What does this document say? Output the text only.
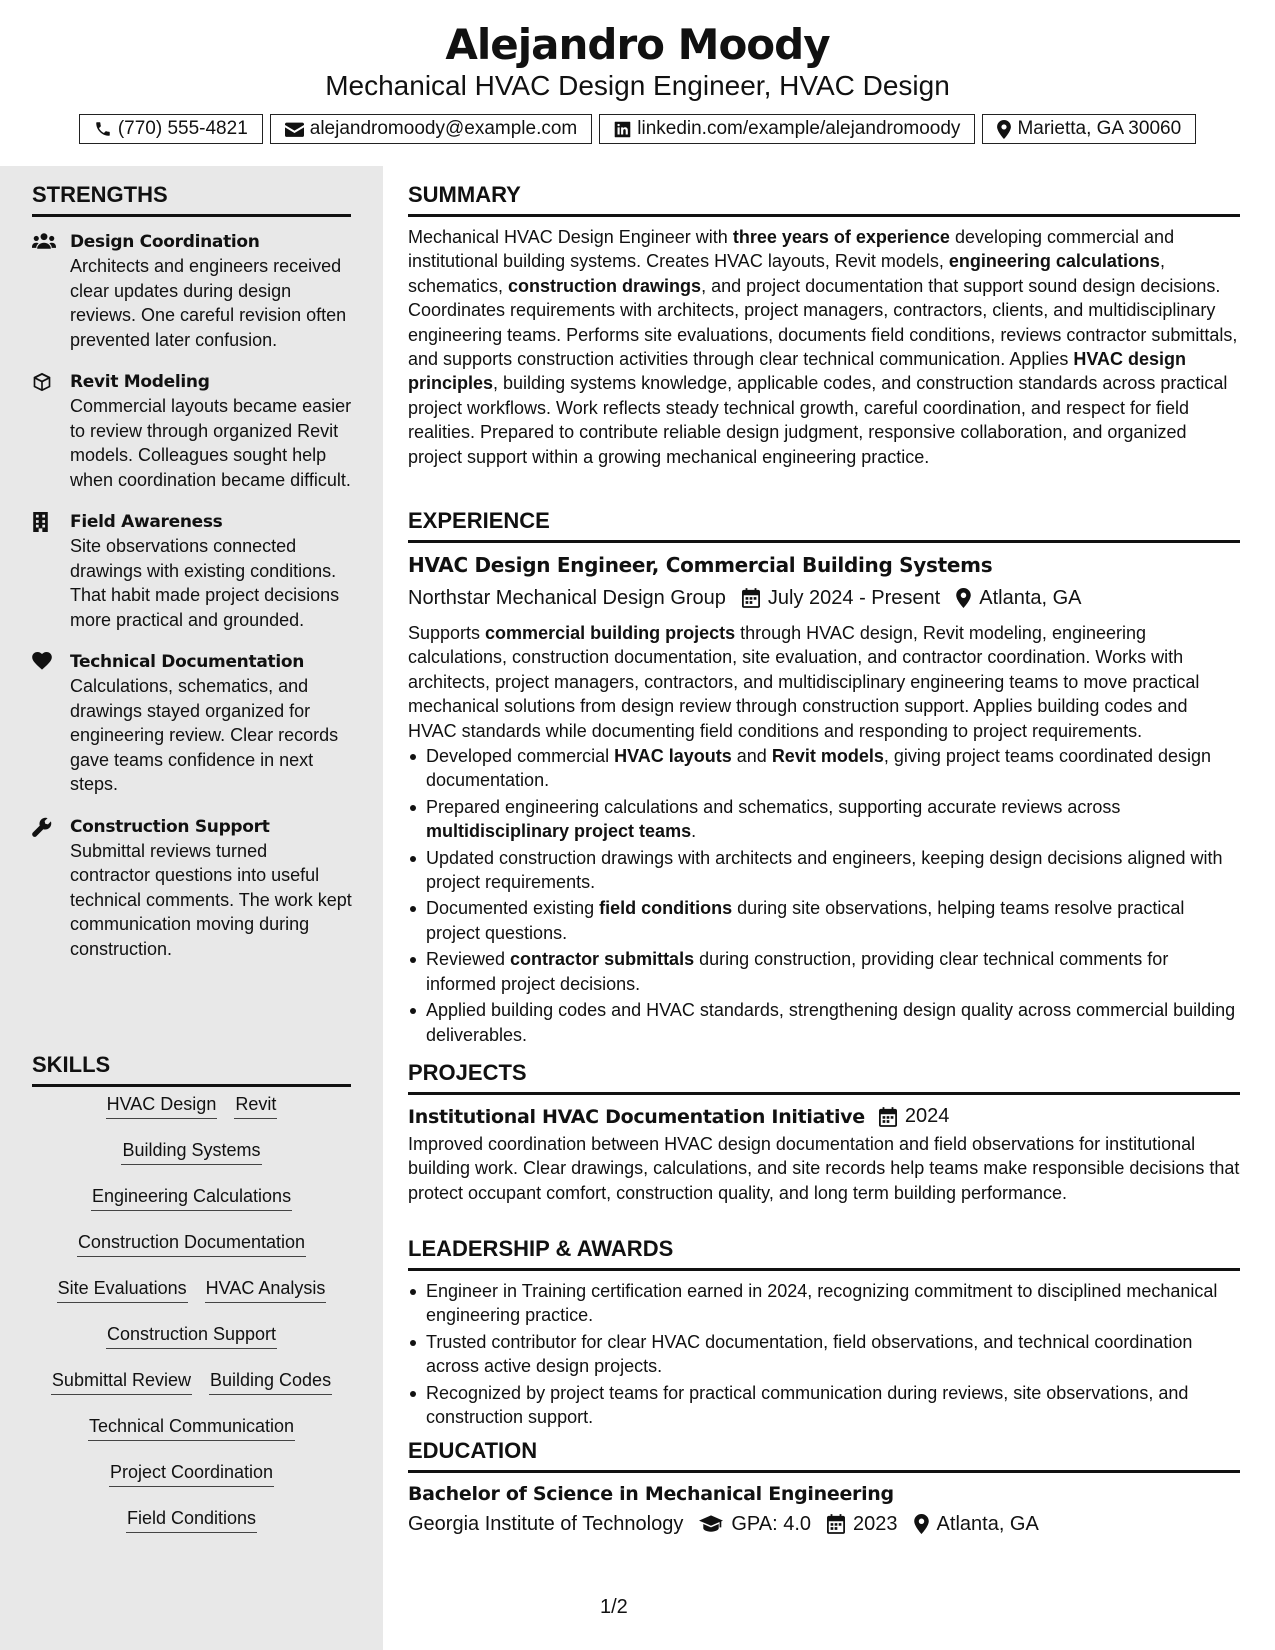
Alejandro Moody
Mechanical HVAC Design Engineer, HVAC Design
(770) 555-4821	alejandromoody@example.com	linkedin.com/example/alejandromoody	Marietta, GA 30060
STRENGTHS
Design Coordination
Architects and engineers received clear updates during design reviews. One careful revision often prevented later confusion.
Revit Modeling
Commercial layouts became easier to review through organized Revit models. Colleagues sought help when coordination became difficult.
Field Awareness
Site observations connected drawings with existing conditions. That habit made project decisions more practical and grounded.
Technical Documentation
Calculations, schematics, and drawings stayed organized for engineering review. Clear records gave teams confidence in next steps.
Construction Support
Submittal reviews turned contractor questions into useful technical comments. The work kept communication moving during construction.
SKILLS
HVAC Design Revit
Building Systems
Engineering Calculations
Construction Documentation
Site Evaluations HVAC Analysis
Construction Support
Submittal Review Building Codes
Technical Communication
Project Coordination
Field Conditions
SUMMARY
Mechanical HVAC Design Engineer with three years of experience developing commercial and institutional building systems. Creates HVAC layouts, Revit models, engineering calculations, schematics, construction drawings, and project documentation that support sound design decisions. Coordinates requirements with architects, project managers, contractors, clients, and multidisciplinary engineering teams. Performs site evaluations, documents field conditions, reviews contractor submittals, and supports construction activities through clear technical communication. Applies HVAC design principles, building systems knowledge, applicable codes, and construction standards across practical project workflows. Work reflects steady technical growth, careful coordination, and respect for field realities. Prepared to contribute reliable design judgment, responsive collaboration, and organized project support within a growing mechanical engineering practice.
EXPERIENCE
HVAC Design Engineer, Commercial Building Systems
Northstar Mechanical Design Group July 2024 - Present Atlanta, GA
Supports commercial building projects through HVAC design, Revit modeling, engineering calculations, construction documentation, site evaluation, and contractor coordination. Works with architects, project managers, contractors, and multidisciplinary engineering teams to move practical mechanical solutions from design review through construction support. Applies building codes and HVAC standards while documenting field conditions and responding to project requirements.
Developed commercial HVAC layouts and Revit models, giving project teams coordinated design documentation.
Prepared engineering calculations and schematics, supporting accurate reviews across multidisciplinary project teams.
Updated construction drawings with architects and engineers, keeping design decisions aligned with project requirements.
Documented existing field conditions during site observations, helping teams resolve practical project questions.
Reviewed contractor submittals during construction, providing clear technical comments for informed project decisions.
Applied building codes and HVAC standards, strengthening design quality across commercial building deliverables.
PROJECTS
Institutional HVAC Documentation Initiative 2024
Improved coordination between HVAC design documentation and field observations for institutional building work. Clear drawings, calculations, and site records help teams make responsible decisions that protect occupant comfort, construction quality, and long term building performance.
LEADERSHIP & AWARDS
Engineer in Training certification earned in 2024, recognizing commitment to disciplined mechanical engineering practice.
Trusted contributor for clear HVAC documentation, field observations, and technical coordination across active design projects.
Recognized by project teams for practical communication during reviews, site observations, and construction support.
EDUCATION
Bachelor of Science in Mechanical Engineering
Georgia Institute of Technology GPA: 4.0 2023 Atlanta, GA
1/2
